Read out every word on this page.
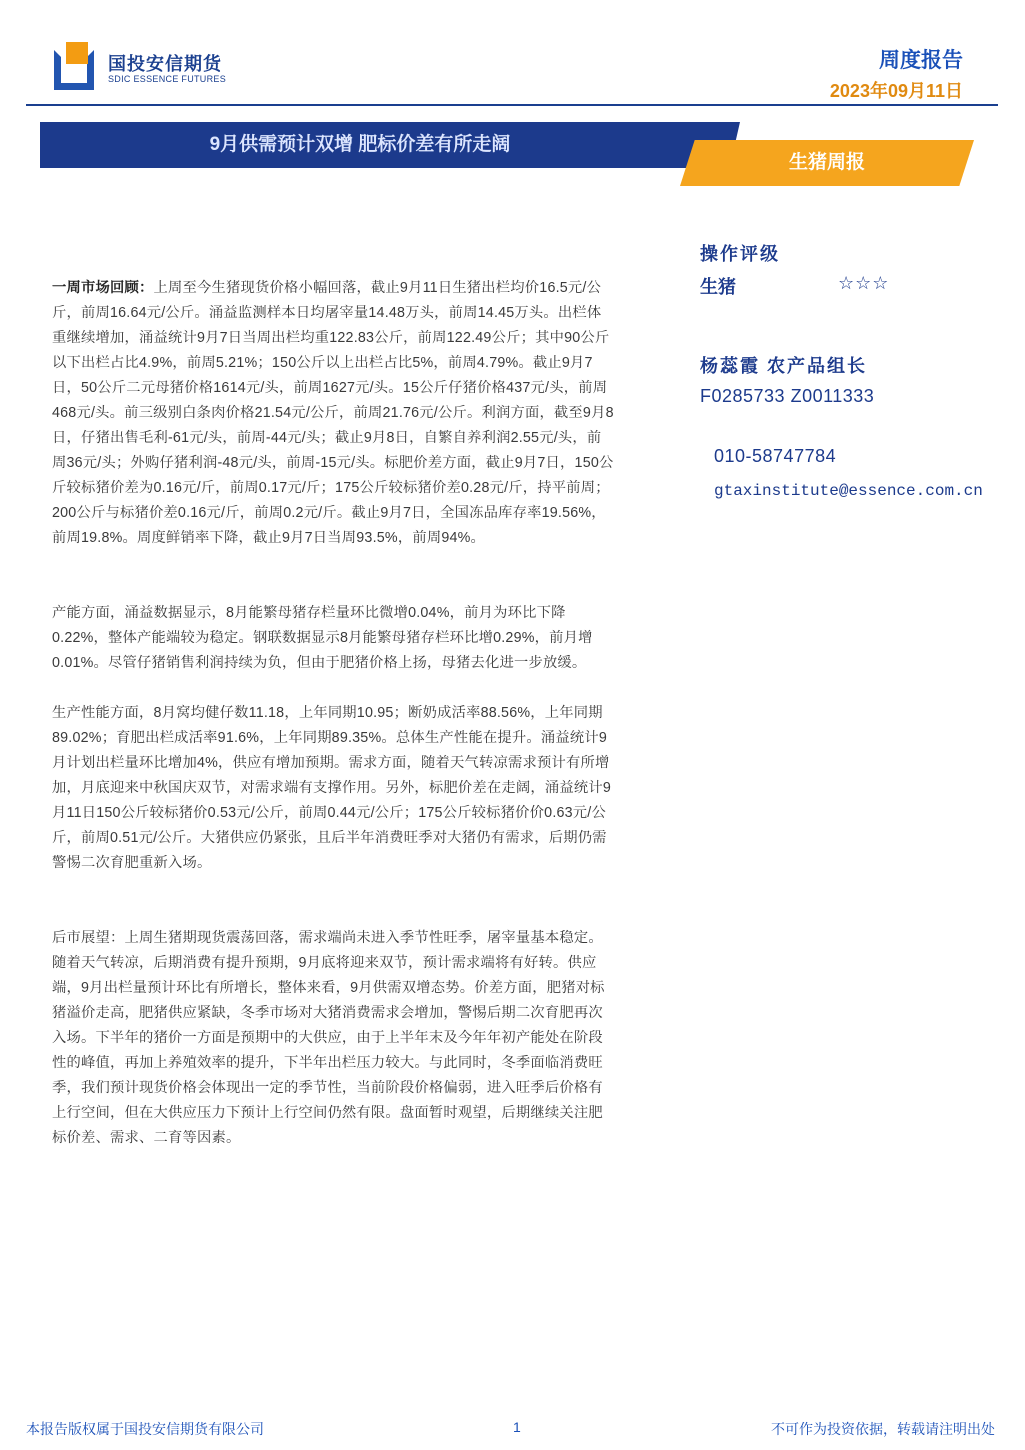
国投安信期货
SDIC ESSENCE FUTURES
周度报告
2023年09月11日
9月供需预计双增 肥标价差有所走阔
生猪周报
操作评级
生猪	☆☆☆
杨蕊霞 农产品组长
F0285733 Z0011333
010-58747784
gtaxinstitute@essence.com.cn

一周市场回顾：上周至今生猪现货价格小幅回落，截止9月11日生猪出栏均价16.5元/公斤，前周16.64元/公斤。涌益监测样本日均屠宰量14.48万头，前周14.45万头。出栏体重继续增加，涌益统计9月7日当周出栏均重122.83公斤，前周122.49公斤；其中90公斤以下出栏占比4.9%，前周5.21%；150公斤以上出栏占比5%，前周4.79%。截止9月7日，50公斤二元母猪价格1614元/头，前周1627元/头。15公斤仔猪价格437元/头，前周468元/头。前三级别白条肉价格21.54元/公斤，前周21.76元/公斤。利润方面，截至9月8日，仔猪出售毛利-61元/头，前周-44元/头；截止9月8日，自繁自养利润2.55元/头，前周36元/头；外购仔猪利润-48元/头，前周-15元/头。标肥价差方面，截止9月7日，150公斤较标猪价差为0.16元/斤，前周0.17元/斤；175公斤较标猪价差0.28元/斤，持平前周；200公斤与标猪价差0.16元/斤，前周0.2元/斤。截止9月7日，全国冻品库存率19.56%，前周19.8%。周度鲜销率下降，截止9月7日当周93.5%，前周94%。

产能方面，涌益数据显示，8月能繁母猪存栏量环比微增0.04%，前月为环比下降0.22%，整体产能端较为稳定。钢联数据显示8月能繁母猪存栏环比增0.29%，前月增0.01%。尽管仔猪销售利润持续为负，但由于肥猪价格上扬，母猪去化进一步放缓。

生产性能方面，8月窝均健仔数11.18，上年同期10.95；断奶成活率88.56%，上年同期89.02%；育肥出栏成活率91.6%，上年同期89.35%。总体生产性能在提升。涌益统计9月计划出栏量环比增加4%，供应有增加预期。需求方面，随着天气转凉需求预计有所增加，月底迎来中秋国庆双节，对需求端有支撑作用。另外，标肥价差在走阔，涌益统计9月11日150公斤较标猪价0.53元/公斤，前周0.44元/公斤；175公斤较标猪价价0.63元/公斤，前周0.51元/公斤。大猪供应仍紧张，且后半年消费旺季对大猪仍有需求，后期仍需警惕二次育肥重新入场。

后市展望：上周生猪期现货震荡回落，需求端尚未进入季节性旺季，屠宰量基本稳定。随着天气转凉，后期消费有提升预期，9月底将迎来双节，预计需求端将有好转。供应端，9月出栏量预计环比有所增长，整体来看，9月供需双增态势。价差方面，肥猪对标猪溢价走高，肥猪供应紧缺，冬季市场对大猪消费需求会增加，警惕后期二次育肥再次入场。下半年的猪价一方面是预期中的大供应，由于上半年末及今年年初产能处在阶段性的峰值，再加上养殖效率的提升，下半年出栏压力较大。与此同时，冬季面临消费旺季，我们预计现货价格会体现出一定的季节性，当前阶段价格偏弱，进入旺季后价格有上行空间，但在大供应压力下预计上行空间仍然有限。盘面暂时观望，后期继续关注肥标价差、需求、二育等因素。

本报告版权属于国投安信期货有限公司	1	不可作为投资依据，转载请注明出处
